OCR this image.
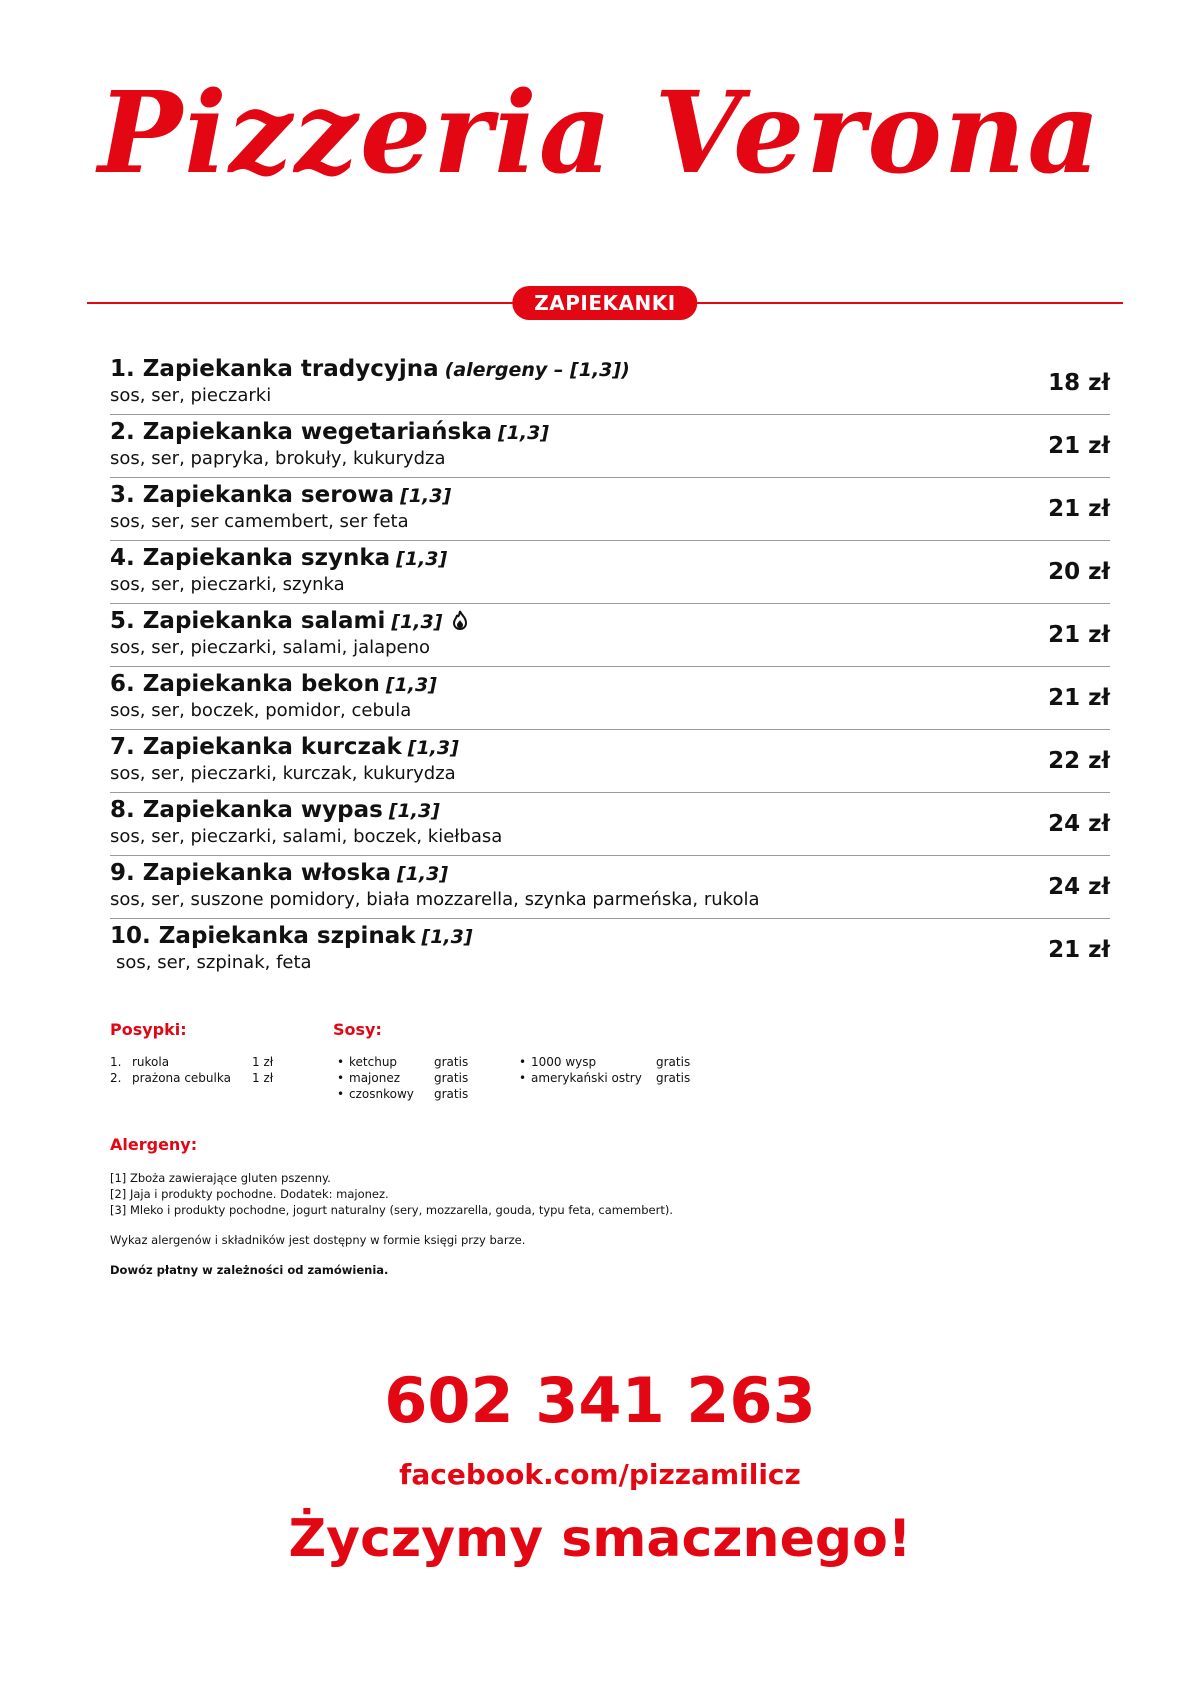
Pizzeria Verona
ZAPIEKANKI
1. Zapiekanka tradycyjna (alergeny – [1,3])
sos, ser, pieczarki	18 zł
2. Zapiekanka wegetariańska [1,3]
sos, ser, papryka, brokuły, kukurydza	21 zł
3. Zapiekanka serowa [1,3]
sos, ser, ser camembert, ser feta	21 zł
4. Zapiekanka szynka [1,3]
sos, ser, pieczarki, szynka	20 zł
5. Zapiekanka salami [1,3]
sos, ser, pieczarki, salami, jalapeno	21 zł
6. Zapiekanka bekon [1,3]
sos, ser, boczek, pomidor, cebula	21 zł
7. Zapiekanka kurczak [1,3]
sos, ser, pieczarki, kurczak, kukurydza	22 zł
8. Zapiekanka wypas [1,3]
sos, ser, pieczarki, salami, boczek, kiełbasa	24 zł
9. Zapiekanka włoska [1,3]
sos, ser, suszone pomidory, biała mozzarella, szynka parmeńska, rukola	24 zł
10. Zapiekanka szpinak [1,3]
sos, ser, szpinak, feta	21 zł
Posypki:
1. rukola	1 zł
2. prażona cebulka	1 zł
Sosy:
• ketchup	gratis
• majonez	gratis
• czosnkowy	gratis
• 1000 wysp	gratis
• amerykański ostry	gratis
Alergeny:

[1] Zboża zawierające gluten pszenny.

[2] Jaja i produkty pochodne. Dodatek: majonez.

[3] Mleko i produkty pochodne, jogurt naturalny (sery, mozzarella, gouda, typu feta, camembert).

Wykaz alergenów i składników jest dostępny w formie księgi przy barze.

Dowóz płatny w zależności od zamówienia.

602 341 263
facebook.com/pizzamilicz
Życzymy smacznego!
